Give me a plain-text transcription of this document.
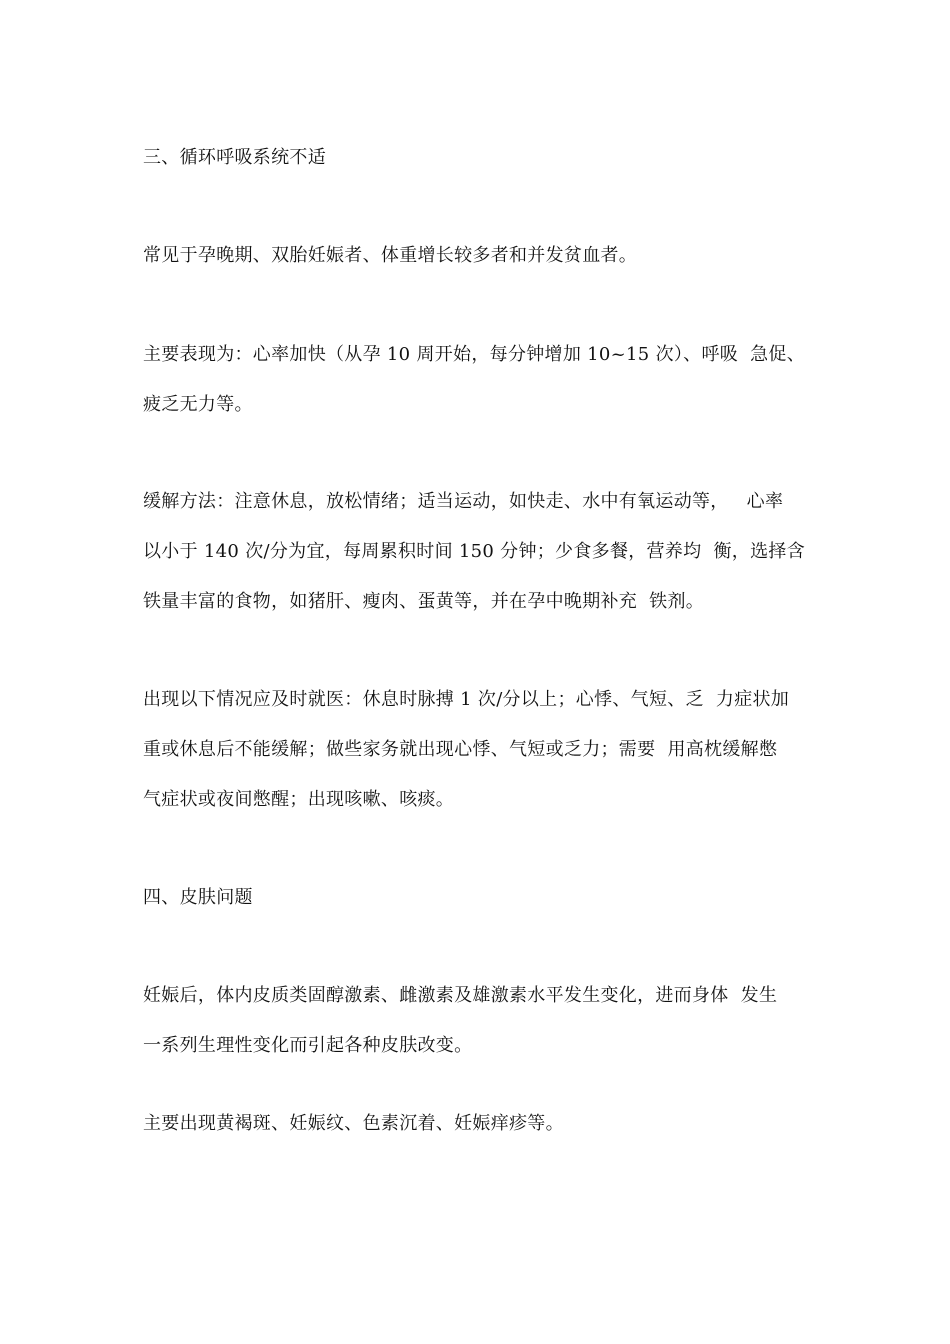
三、循环呼吸系统不适
常见于孕晚期、双胎妊娠者、体重增长较多者和并发贫血者。
主要表现为：心率加快（从孕 10 周开始，每分钟增加 10~15 次）、呼吸  急促、
疲乏无力等。
缓解方法：注意休息，放松情绪；适当运动，如快走、水中有氧运动等，   心率
以小于 140 次/分为宜，每周累积时间 150 分钟；少食多餐，营养均  衡，选择含
铁量丰富的食物，如猪肝、瘦肉、蛋黄等，并在孕中晚期补充  铁剂。
出现以下情况应及时就医：休息时脉搏 1 次/分以上；心悸、气短、乏  力症状加
重或休息后不能缓解；做些家务就出现心悸、气短或乏力；需要  用高枕缓解憋
气症状或夜间憋醒；出现咳嗽、咳痰。
四、皮肤问题
妊娠后，体内皮质类固醇激素、雌激素及雄激素水平发生变化，进而身体  发生
一系列生理性变化而引起各种皮肤改变。
主要出现黄褐斑、妊娠纹、色素沉着、妊娠痒疹等。
